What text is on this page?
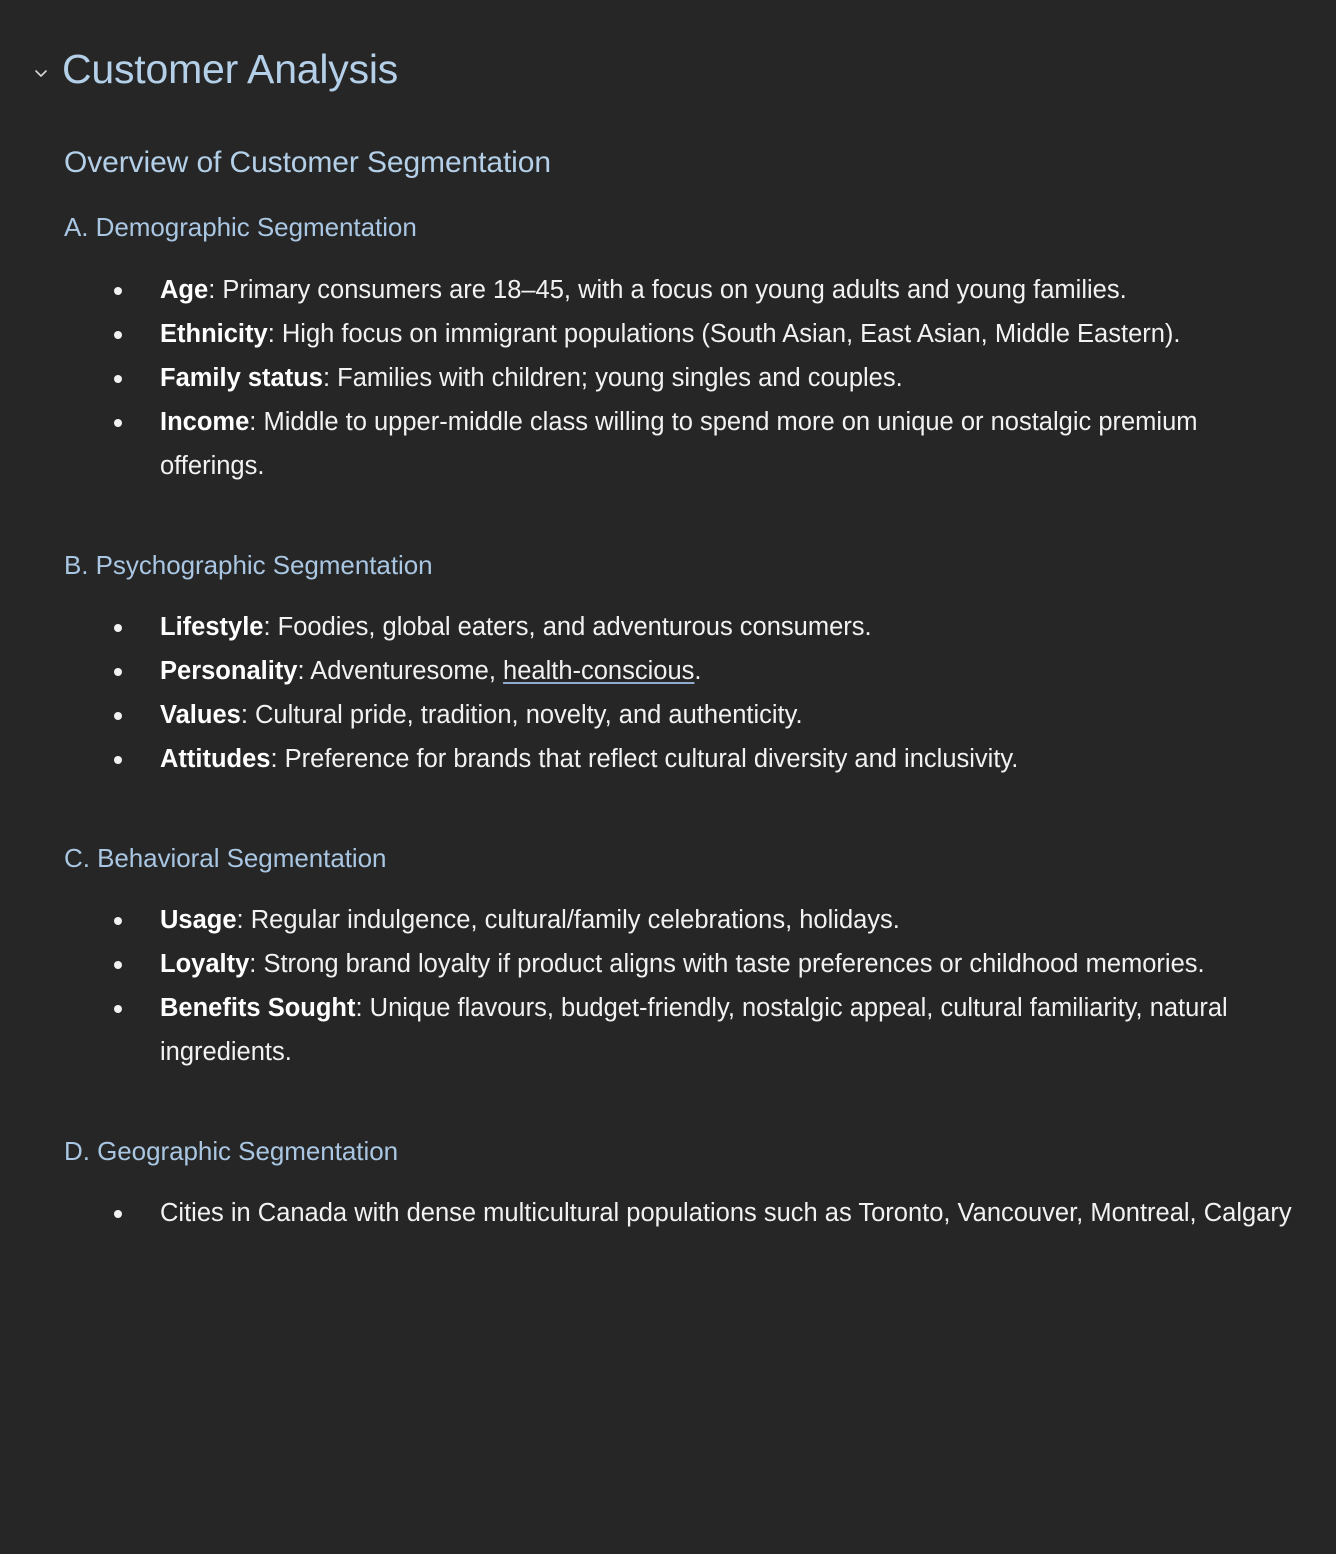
Customer Analysis
Overview of Customer Segmentation
A. Demographic Segmentation
Age: Primary consumers are 18–45, with a focus on young adults and young families.
Ethnicity: High focus on immigrant populations (South Asian, East Asian, Middle Eastern).
Family status: Families with children; young singles and couples.
Income: Middle to upper-middle class willing to spend more on unique or nostalgic premium offerings.
B. Psychographic Segmentation
Lifestyle: Foodies, global eaters, and adventurous consumers.
Personality: Adventuresome, health-conscious.
Values: Cultural pride, tradition, novelty, and authenticity.
Attitudes: Preference for brands that reflect cultural diversity and inclusivity.
C. Behavioral Segmentation
Usage: Regular indulgence, cultural/family celebrations, holidays.
Loyalty: Strong brand loyalty if product aligns with taste preferences or childhood memories.
Benefits Sought: Unique flavours, budget-friendly, nostalgic appeal, cultural familiarity, natural ingredients.
D. Geographic Segmentation
Cities in Canada with dense multicultural populations such as Toronto, Vancouver, Montreal, Calgary
